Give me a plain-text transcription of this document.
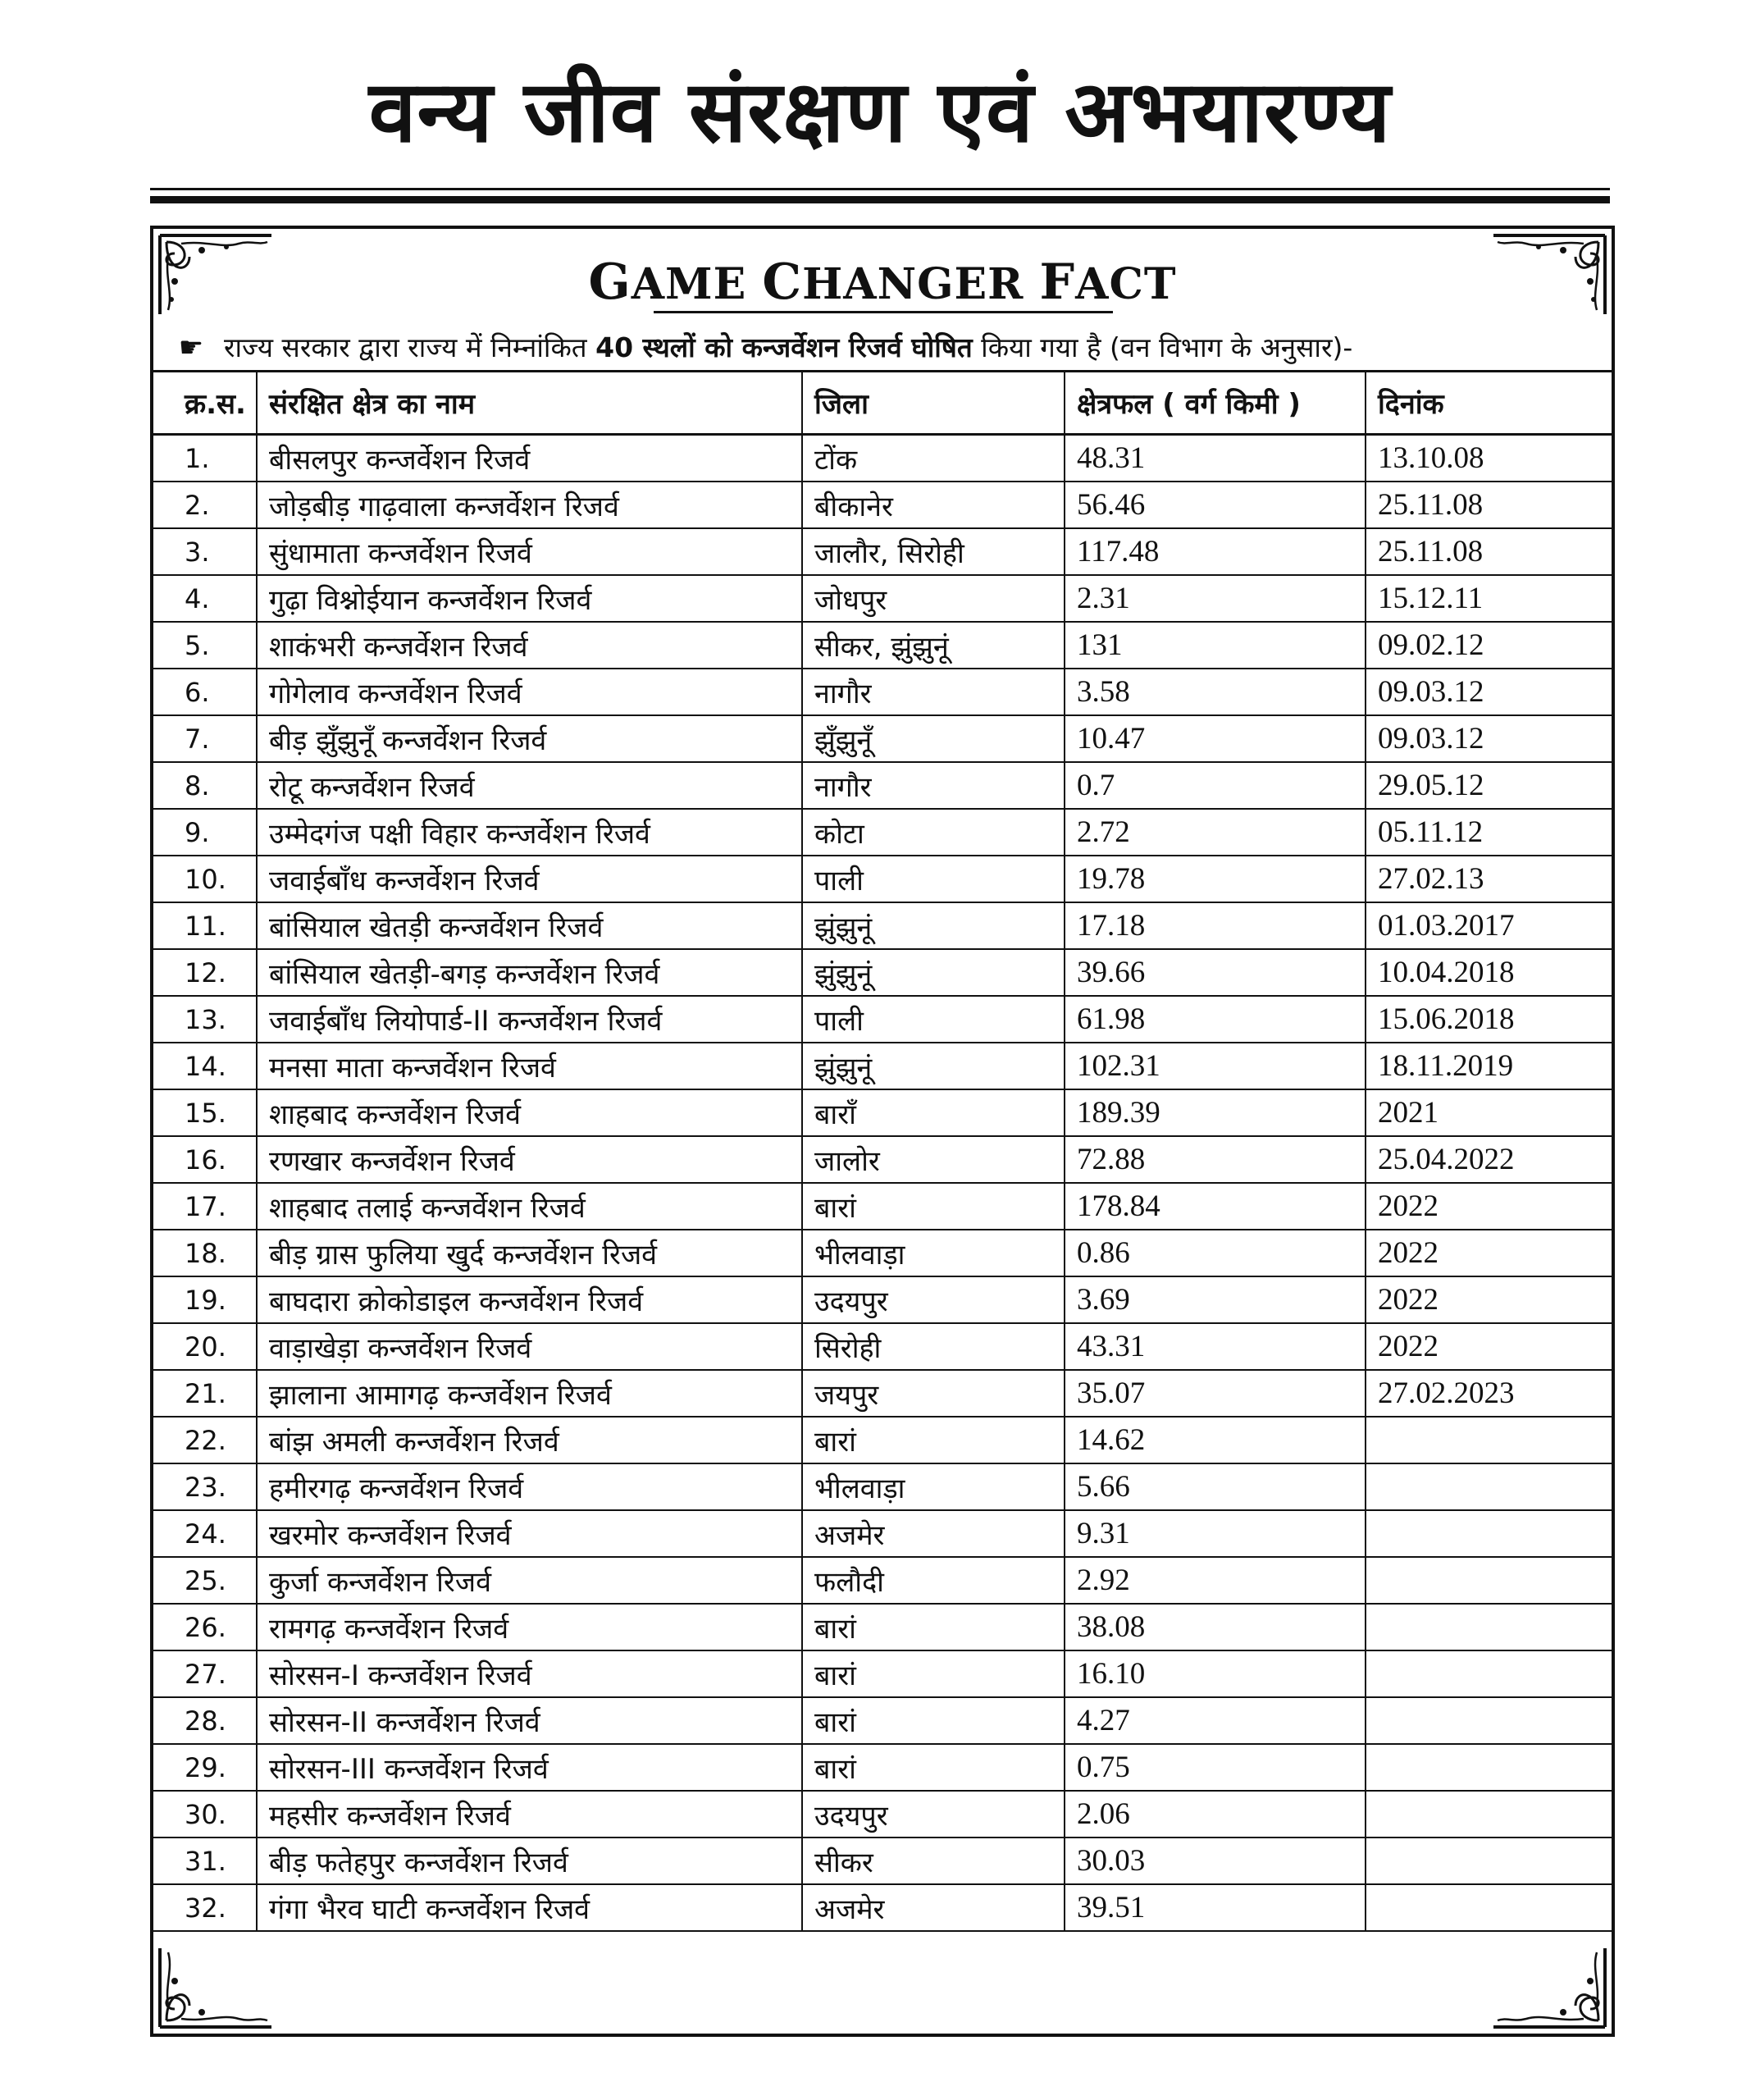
वन्य जीव संरक्षण एवं अभयारण्य
GAME CHANGER FACT
☛ राज्य सरकार द्वारा राज्य में निम्नांकित 40 स्थलों को कन्जर्वेशन रिजर्व घोषित किया गया है (वन विभाग के अनुसार)-
क्र.स.	संरक्षित क्षेत्र का नाम	जिला	क्षेत्रफल ( वर्ग किमी )	दिनांक
1.	बीसलपुर कन्जर्वेशन रिजर्व	टोंक	48.31	13.10.08
2.	जोड़बीड़ गाढ़वाला कन्जर्वेशन रिजर्व	बीकानेर	56.46	25.11.08
3.	सुंधामाता कन्जर्वेशन रिजर्व	जालौर, सिरोही	117.48	25.11.08
4.	गुढ़ा विश्नोईयान कन्जर्वेशन रिजर्व	जोधपुर	2.31	15.12.11
5.	शाकंभरी कन्जर्वेशन रिजर्व	सीकर, झुंझुनूं	131	09.02.12
6.	गोगेलाव कन्जर्वेशन रिजर्व	नागौर	3.58	09.03.12
7.	बीड़ झुँझुनूँ कन्जर्वेशन रिजर्व	झुँझुनूँ	10.47	09.03.12
8.	रोटू कन्जर्वेशन रिजर्व	नागौर	0.7	29.05.12
9.	उम्मेदगंज पक्षी विहार कन्जर्वेशन रिजर्व	कोटा	2.72	05.11.12
10.	जवाईबाँध कन्जर्वेशन रिजर्व	पाली	19.78	27.02.13
11.	बांसियाल खेतड़ी कन्जर्वेशन रिजर्व	झुंझुनूं	17.18	01.03.2017
12.	बांसियाल खेतड़ी-बगड़ कन्जर्वेशन रिजर्व	झुंझुनूं	39.66	10.04.2018
13.	जवाईबाँध लियोपार्ड-II कन्जर्वेशन रिजर्व	पाली	61.98	15.06.2018
14.	मनसा माता कन्जर्वेशन रिजर्व	झुंझुनूं	102.31	18.11.2019
15.	शाहबाद कन्जर्वेशन रिजर्व	बाराँ	189.39	2021
16.	रणखार कन्जर्वेशन रिजर्व	जालोर	72.88	25.04.2022
17.	शाहबाद तलाई कन्जर्वेशन रिजर्व	बारां	178.84	2022
18.	बीड़ ग्रास फुलिया खुर्द कन्जर्वेशन रिजर्व	भीलवाड़ा	0.86	2022
19.	बाघदारा क्रोकोडाइल कन्जर्वेशन रिजर्व	उदयपुर	3.69	2022
20.	वाड़ाखेड़ा कन्जर्वेशन रिजर्व	सिरोही	43.31	2022
21.	झालाना आमागढ़ कन्जर्वेशन रिजर्व	जयपुर	35.07	27.02.2023
22.	बांझ अमली कन्जर्वेशन रिजर्व	बारां	14.62	
23.	हमीरगढ़ कन्जर्वेशन रिजर्व	भीलवाड़ा	5.66	
24.	खरमोर कन्जर्वेशन रिजर्व	अजमेर	9.31	
25.	कुर्जा कन्जर्वेशन रिजर्व	फलौदी	2.92	
26.	रामगढ़ कन्जर्वेशन रिजर्व	बारां	38.08	
27.	सोरसन-I कन्जर्वेशन रिजर्व	बारां	16.10	
28.	सोरसन-II कन्जर्वेशन रिजर्व	बारां	4.27	
29.	सोरसन-III कन्जर्वेशन रिजर्व	बारां	0.75	
30.	महसीर कन्जर्वेशन रिजर्व	उदयपुर	2.06	
31.	बीड़ फतेहपुर कन्जर्वेशन रिजर्व	सीकर	30.03	
32.	गंगा भैरव घाटी कन्जर्वेशन रिजर्व	अजमेर	39.51	
